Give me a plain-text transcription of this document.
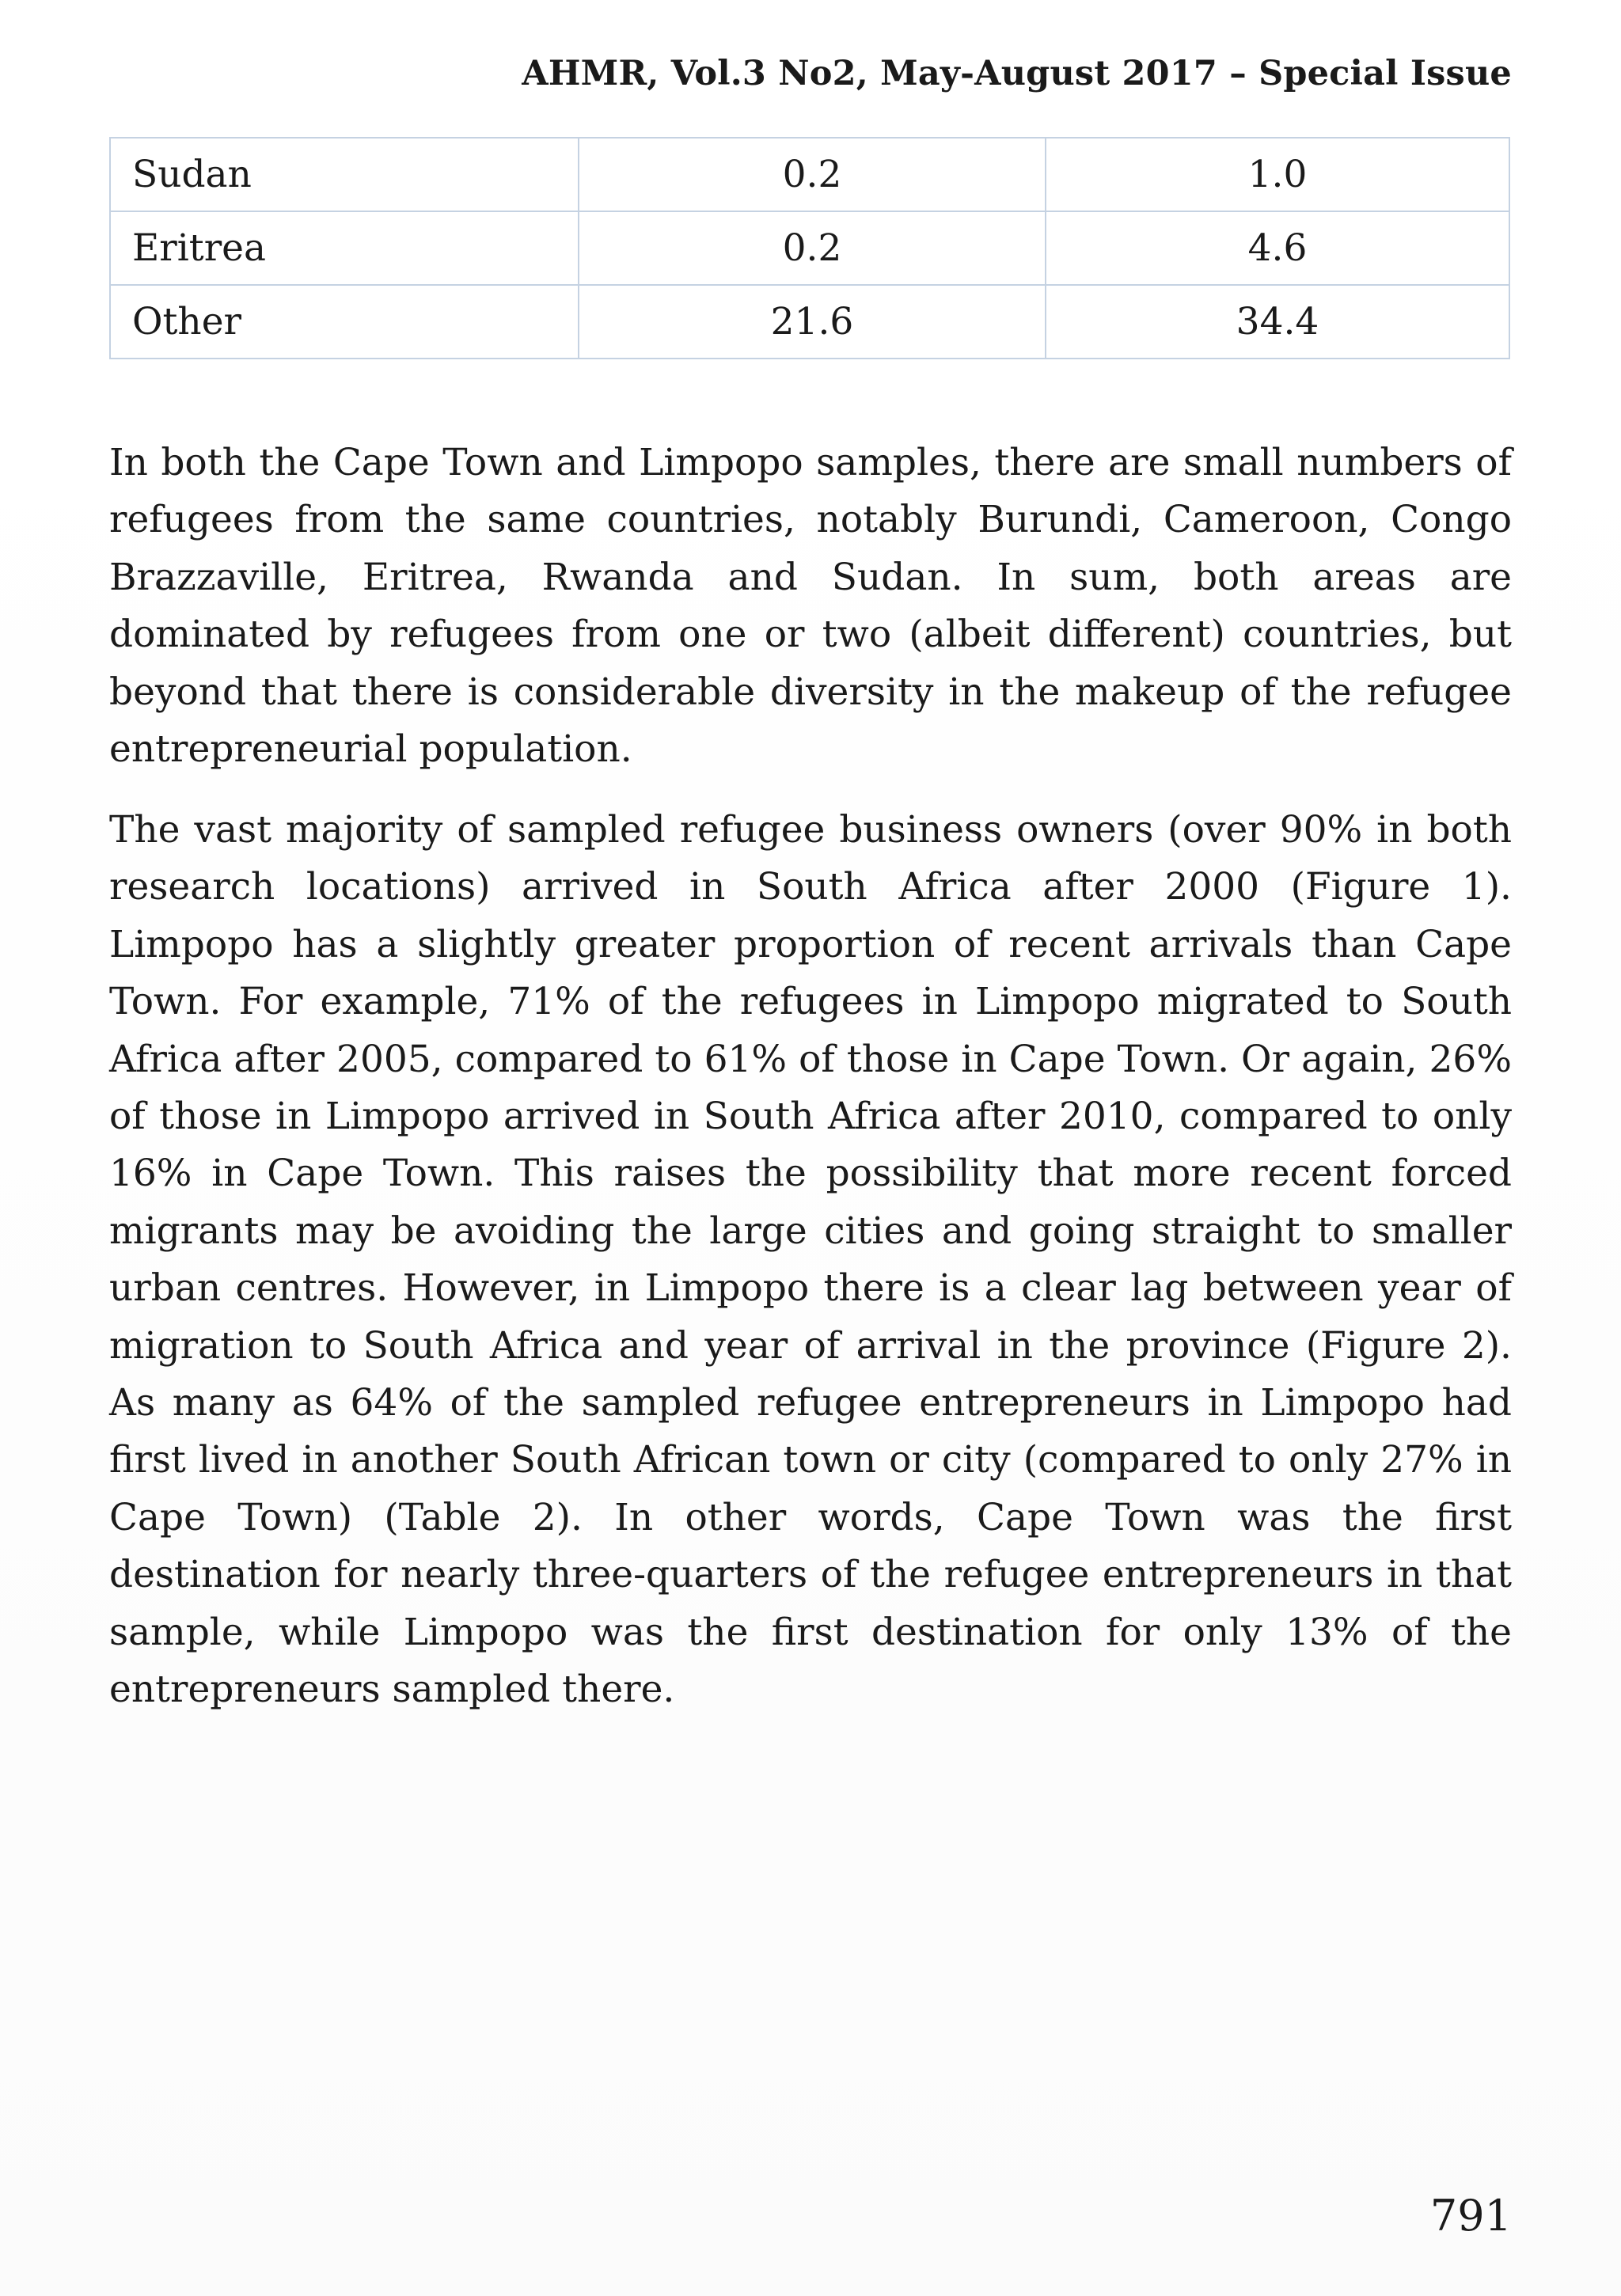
AHMR, Vol.3 No2, May-August 2017 – Special Issue
Sudan	0.2	1.0
Eritrea	0.2	4.6
Other	21.6	34.4

In both the Cape Town and Limpopo samples, there are small numbers of refugees from the same countries, notably Burundi, Cameroon, Congo Brazzaville, Eritrea, Rwanda and Sudan. In sum, both areas are dominated by refugees from one or two (albeit different) countries, but beyond that there is considerable diversity in the makeup of the refugee entrepreneurial population.

The vast majority of sampled refugee business owners (over 90% in both research locations) arrived in South Africa after 2000 (Figure 1). Limpopo has a slightly greater proportion of recent arrivals than Cape Town. For example, 71% of the refugees in Limpopo migrated to South Africa after 2005, compared to 61% of those in Cape Town. Or again, 26% of those in Limpopo arrived in South Africa after 2010, compared to only 16% in Cape Town. This raises the possibility that more recent forced migrants may be avoiding the large cities and going straight to smaller urban centres. However, in Limpopo there is a clear lag between year of migration to South Africa and year of arrival in the province (Figure 2). As many as 64% of the sampled refugee entrepreneurs in Limpopo had first lived in another South African town or city (compared to only 27% in Cape Town) (Table 2). In other words, Cape Town was the first destination for nearly three-quarters of the refugee entrepreneurs in that sample, while Limpopo was the first destination for only 13% of the entrepreneurs sampled there.

791
